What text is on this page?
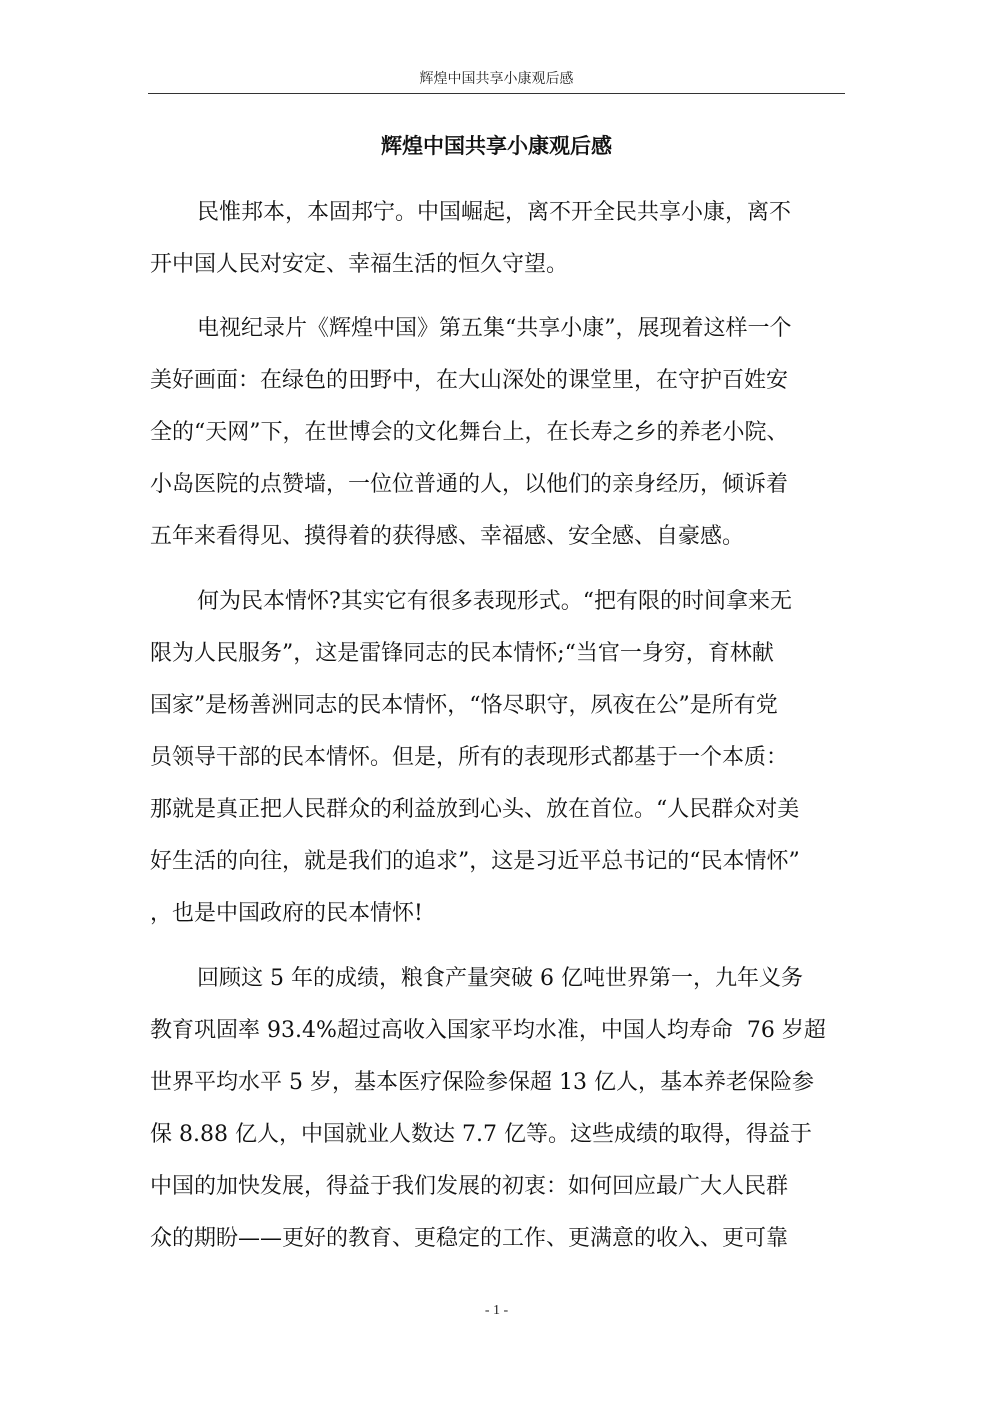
辉煌中国共享小康观后感
辉煌中国共享小康观后感
民惟邦本，本固邦宁。中国崛起，离不开全民共享小康，离不
开中国人民对安定、幸福生活的恒久守望。
电视纪录片《辉煌中国》第五集“共享小康”，展现着这样一个
美好画面：在绿色的田野中，在大山深处的课堂里，在守护百姓安
全的“天网”下，在世博会的文化舞台上，在长寿之乡的养老小院、
小岛医院的点赞墙，一位位普通的人，以他们的亲身经历，倾诉着
五年来看得见、摸得着的获得感、幸福感、安全感、自豪感。
何为民本情怀?其实它有很多表现形式。“把有限的时间拿来无
限为人民服务”，这是雷锋同志的民本情怀;“当官一身穷，育林献
国家”是杨善洲同志的民本情怀，“恪尽职守，夙夜在公”是所有党
员领导干部的民本情怀。但是，所有的表现形式都基于一个本质：
那就是真正把人民群众的利益放到心头、放在首位。“人民群众对美
好生活的向往，就是我们的追求”，这是习近平总书记的“民本情怀”
，也是中国政府的民本情怀!
回顾这 5 年的成绩，粮食产量突破 6 亿吨世界第一，九年义务
教育巩固率 93.4%超过高收入国家平均水准，中国人均寿命  76 岁超
世界平均水平 5 岁，基本医疗保险参保超 13 亿人，基本养老保险参
保 8.88 亿人，中国就业人数达 7.7 亿等。这些成绩的取得，得益于
中国的加快发展，得益于我们发展的初衷：如何回应最广大人民群
众的期盼——更好的教育、更稳定的工作、更满意的收入、更可靠
- 1 -
